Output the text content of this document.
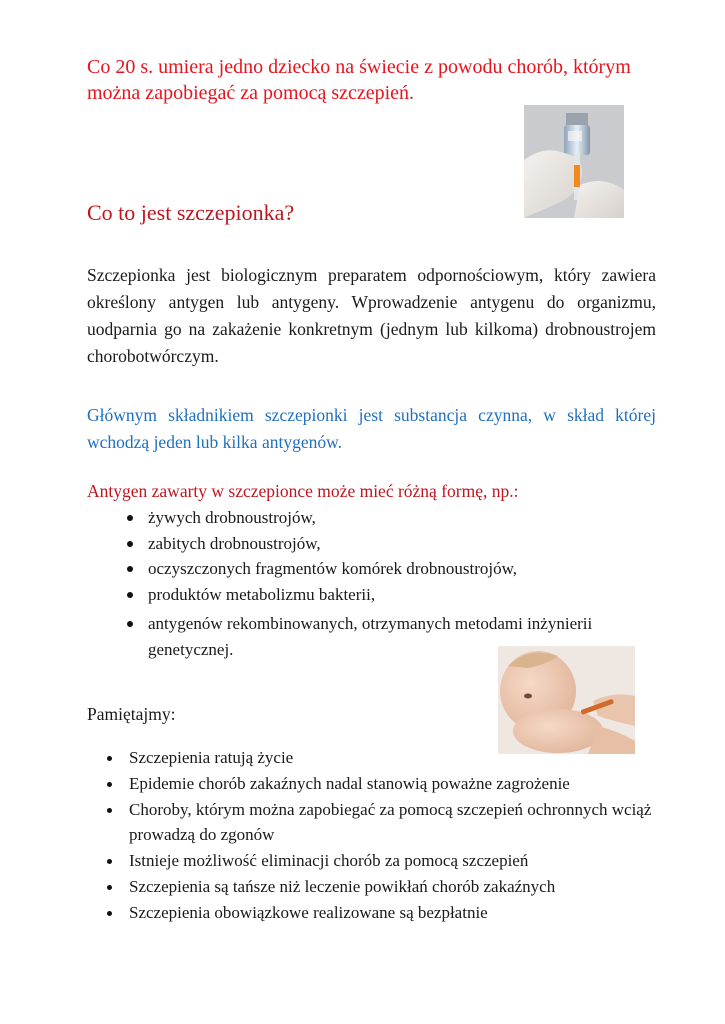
Co 20 s. umiera jedno dziecko na świecie z powodu chorób, którym można zapobiegać za pomocą szczepień.
Co to jest szczepionka?
Szczepionka jest biologicznym preparatem odpornościowym, który zawiera określony antygen lub antygeny. Wprowadzenie antygenu do organizmu, uodparnia go na zakażenie konkretnym (jednym lub kilkoma) drobnoustrojem chorobotwórczym.
Głównym składnikiem szczepionki jest substancja czynna, w skład której wchodzą jeden lub kilka antygenów.
Antygen zawarty w szczepionce może mieć różną formę, np.:
żywych drobnoustrojów,
zabitych drobnoustrojów,
oczyszczonych fragmentów komórek drobnoustrojów,
produktów metabolizmu bakterii,
antygenów rekombinowanych, otrzymanych metodami inżynierii genetycznej.
Pamiętajmy:
Szczepienia ratują życie
Epidemie chorób zakaźnych nadal stanowią poważne zagrożenie
Choroby, którym można zapobiegać za pomocą szczepień ochronnych wciąż prowadzą do zgonów
Istnieje możliwość eliminacji chorób za pomocą szczepień
Szczepienia są tańsze niż leczenie powikłań chorób zakaźnych
Szczepienia obowiązkowe realizowane są bezpłatnie
